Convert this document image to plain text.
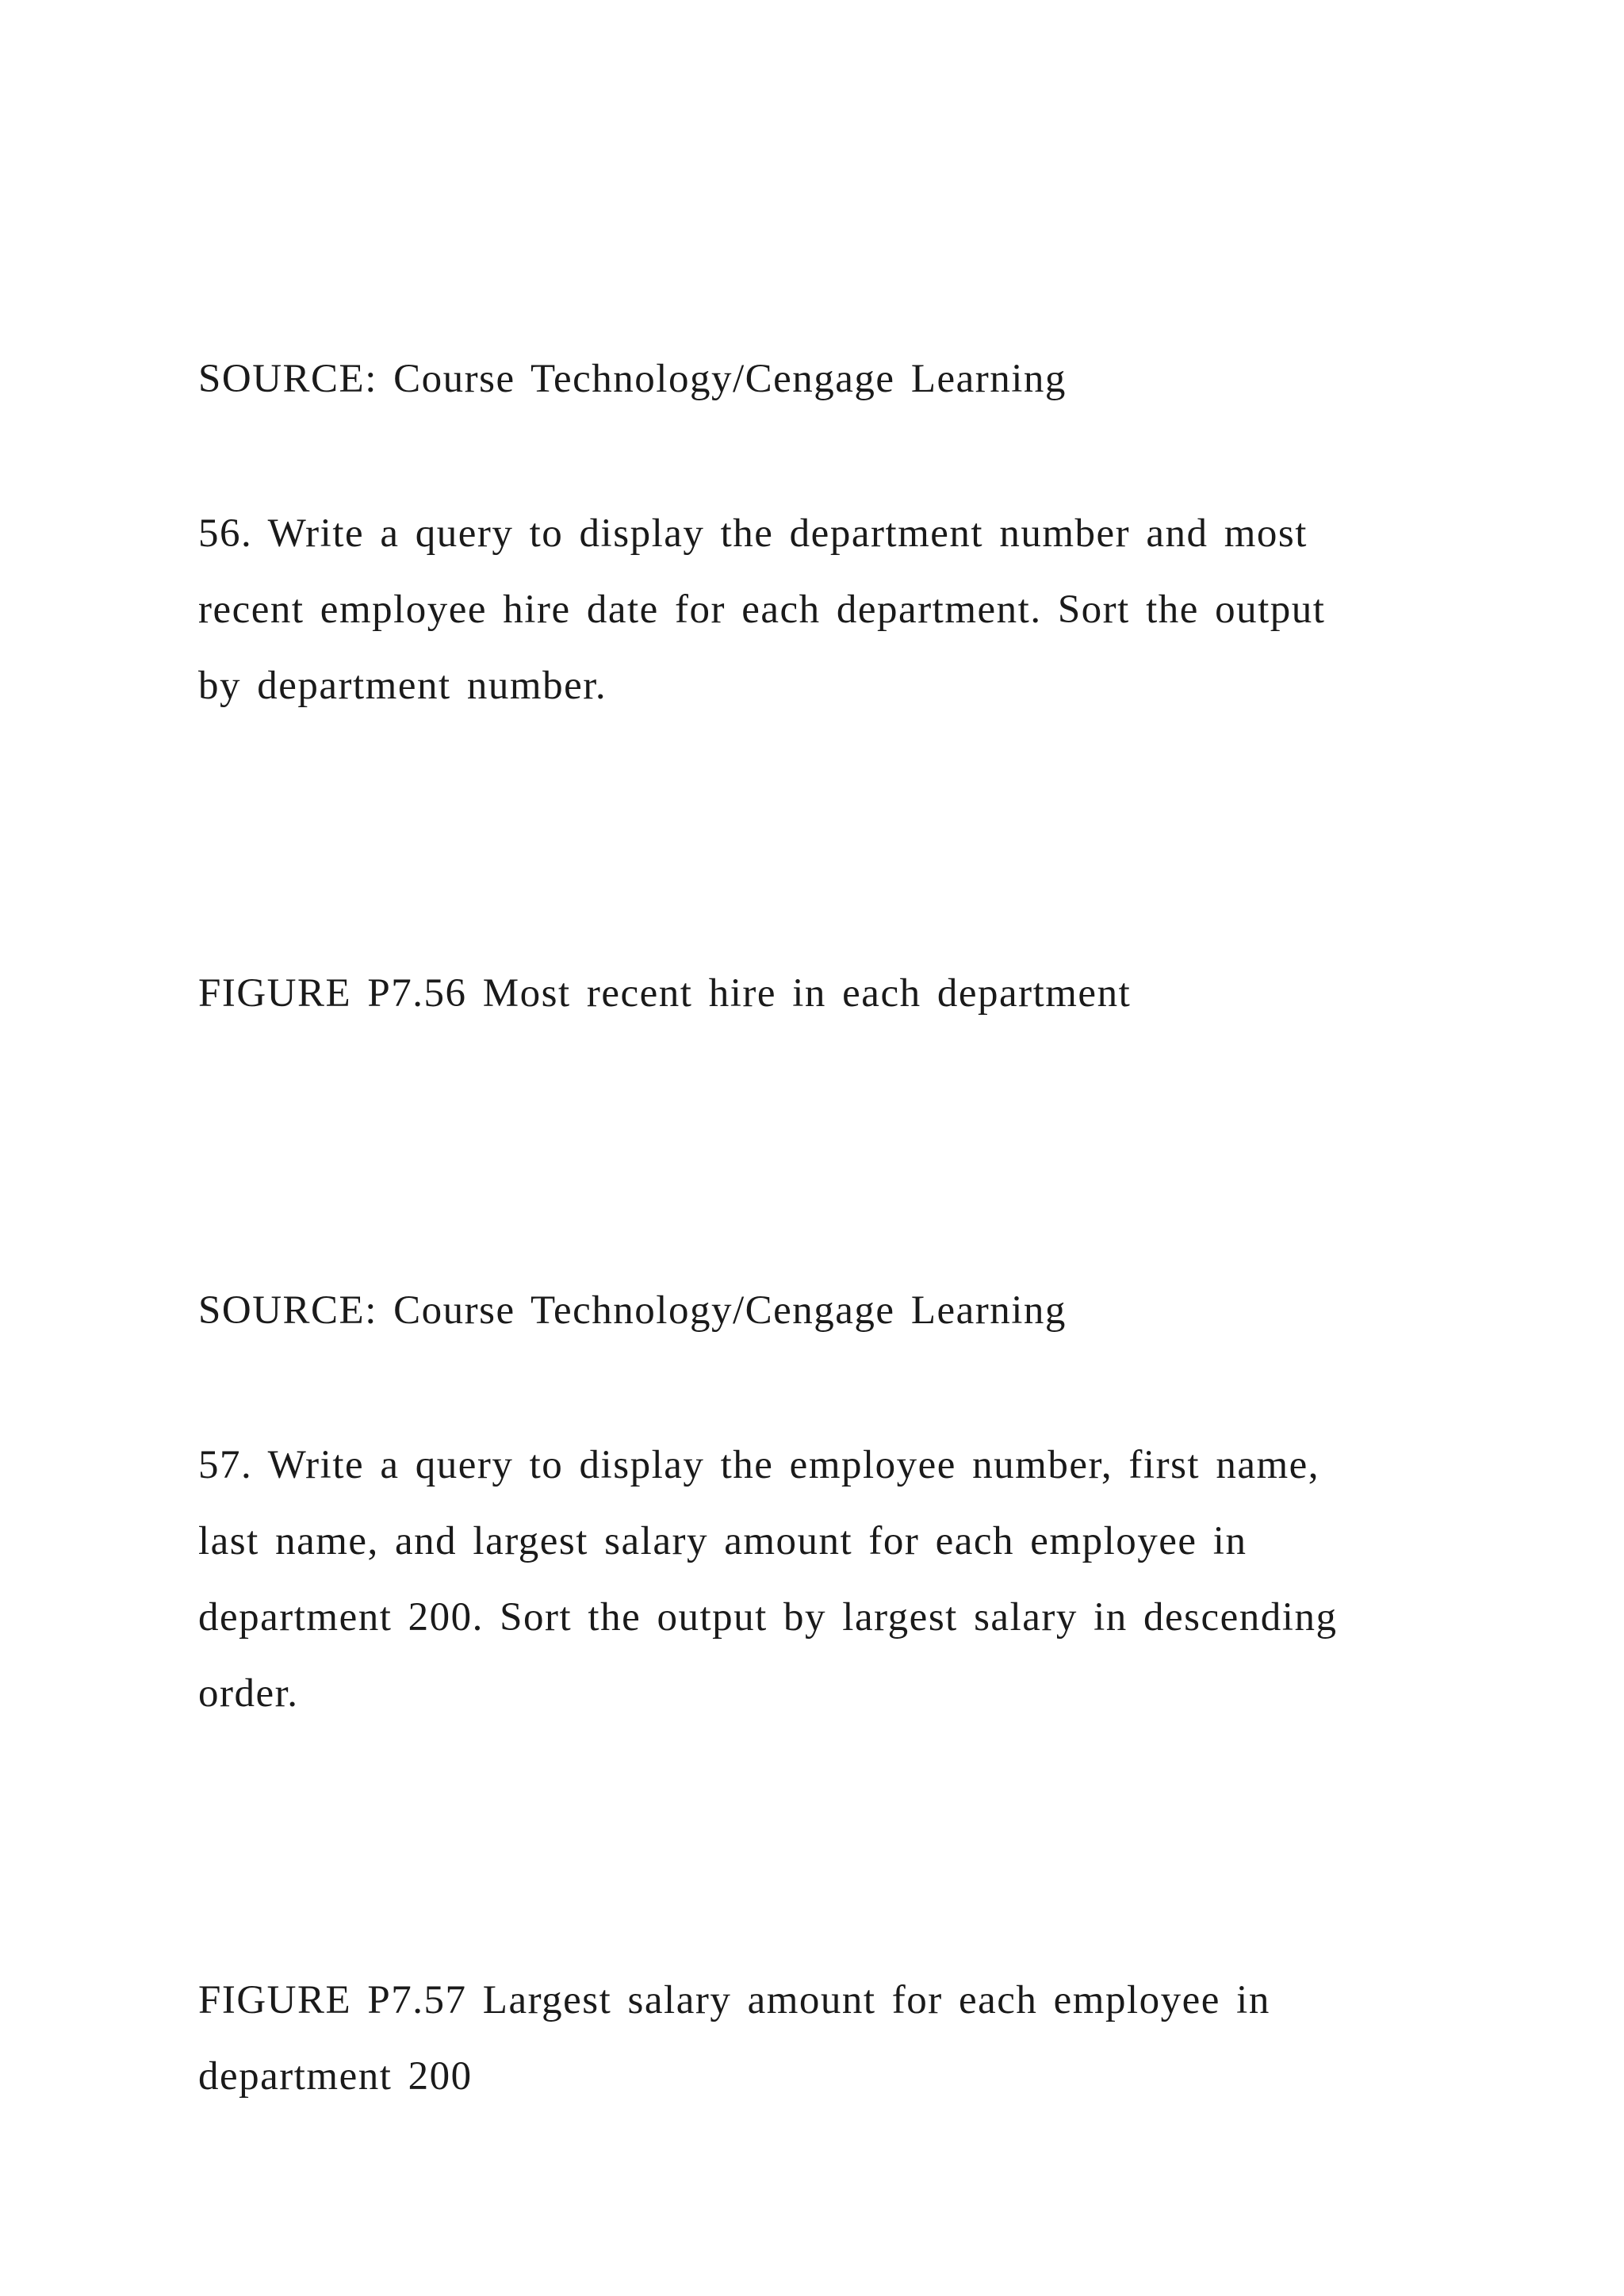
SOURCE: Course Technology/Cengage Learning

56. Write a query to display the department number and most
recent employee hire date for each department. Sort the output
by department number.

FIGURE P7.56 Most recent hire in each department

SOURCE: Course Technology/Cengage Learning

57. Write a query to display the employee number, first name,
last name, and largest salary amount for each employee in
department 200. Sort the output by largest salary in descending
order.

FIGURE P7.57 Largest salary amount for each employee in
department 200
